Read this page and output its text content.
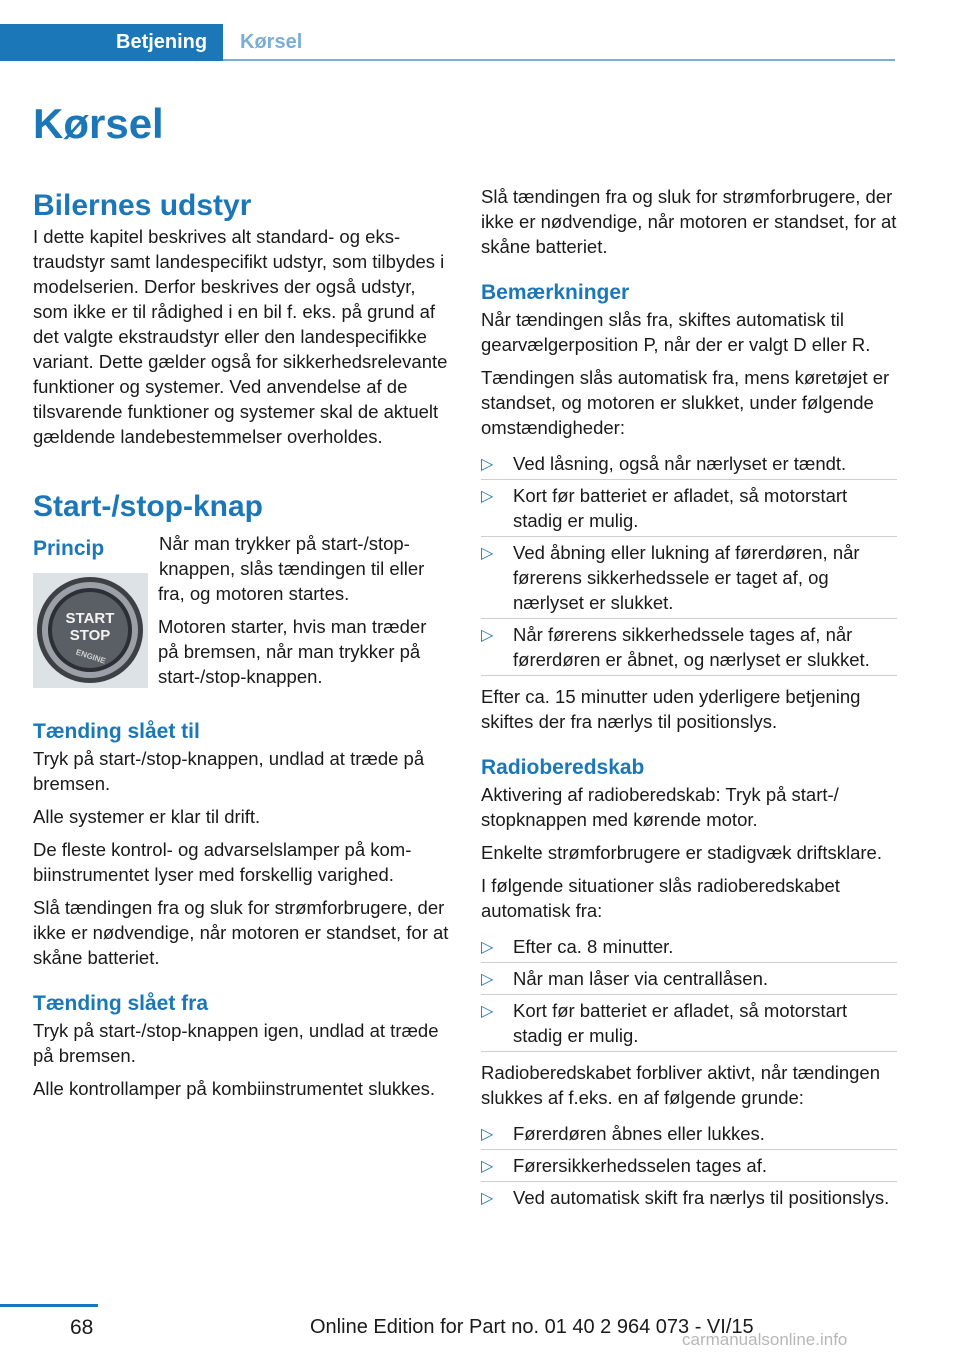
Betjening Kørsel
Kørsel
Bilernes udstyr

I dette kapitel beskrives alt standard- og ekstraudstyr samt landespecifikt udstyr, som tilbydes i modelserien. Derfor beskrives der også udstyr, som ikke er til rådighed i en bil f. eks. på grund af det valgte ekstraudstyr eller den landespecifikke variant. Dette gælder også for sikkerhedsrelevante funktioner og systemer. Ved anvendelse af de tilsvarende funktioner og systemer skal de aktuelt gældende landebestemmelser overholdes.

Start-/stop-knap
Princip
START
STOP
ENGINE

Når man trykker på start-/stop-knappen, slås tændingen til eller fra, og motoren startes.

Motoren starter, hvis man træder på bremsen, når man trykker på start-/stop-knappen.

Tænding slået til

Tryk på start-/stop-knappen, undlad at træde på bremsen.

Alle systemer er klar til drift.

De fleste kontrol- og advarselslamper på kombiinstrumentet lyser med forskellig varighed.

Slå tændingen fra og sluk for strømforbrugere, der ikke er nødvendige, når motoren er standset, for at skåne batteriet.

Tænding slået fra

Tryk på start-/stop-knappen igen, undlad at træde på bremsen.

Alle kontrollamper på kombiinstrumentet slukkes.

Slå tændingen fra og sluk for strømforbrugere, der ikke er nødvendige, når motoren er standset, for at skåne batteriet.

Bemærkninger

Når tændingen slås fra, skiftes automatisk til gearvælgerposition P, når der er valgt D eller R.

Tændingen slås automatisk fra, mens køretøjet er standset, og motoren er slukket, under følgende omstændigheder:

▷ Ved låsning, også når nærlyset er tændt.
▷ Kort før batteriet er afladet, så motorstart stadig er mulig.
▷ Ved åbning eller lukning af førerdøren, når førerens sikkerhedssele er taget af, og nærlyset er slukket.
▷ Når førerens sikkerhedssele tages af, når førerdøren er åbnet, og nærlyset er slukket.

Efter ca. 15 minutter uden yderligere betjening skiftes der fra nærlys til positionslys.

Radioberedskab

Aktivering af radioberedskab: Tryk på start-/ stopknappen med kørende motor.

Enkelte strømforbrugere er stadigvæk driftsklare.

I følgende situationer slås radioberedskabet automatisk fra:

▷ Efter ca. 8 minutter.
▷ Når man låser via centrallåsen.
▷ Kort før batteriet er afladet, så motorstart stadig er mulig.

Radioberedskabet forbliver aktivt, når tændingen slukkes af f.eks. en af følgende grunde:

▷ Førerdøren åbnes eller lukkes.
▷ Førersikkerhedsselen tages af.
▷ Ved automatisk skift fra nærlys til positionslys.
68	Online Edition for Part no. 01 40 2 964 073 - VI/15
carmanualsonline.info
